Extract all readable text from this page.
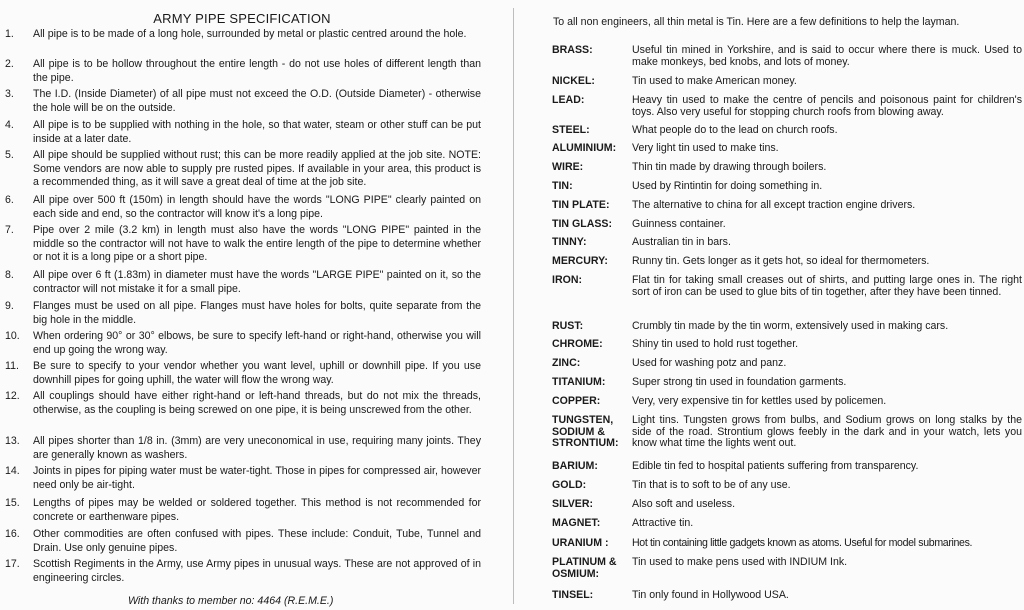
ARMY PIPE SPECIFICATION
1.	All pipe is to be made of a long hole, surrounded by metal or plastic centred around the hole.
2.	All pipe is to be hollow throughout the entire length - do not use holes of different length than the pipe.
3.	The I.D. (Inside Diameter) of all pipe must not exceed the O.D. (Outside Diameter) - otherwise the hole will be on the outside.
4.	All pipe is to be supplied with nothing in the hole, so that water, steam or other stuff can be put inside at a later date.
5.	All pipe should be supplied without rust; this can be more readily applied at the job site. NOTE: Some vendors are now able to supply pre rusted pipes. If available in your area, this product is a recommended thing, as it will save a great deal of time at the job site.
6.	All pipe over 500 ft (150m) in length should have the words "LONG PIPE" clearly painted on each side and end, so the contractor will know it's a long pipe.
7.	Pipe over 2 mile (3.2 km) in length must also have the words "LONG PIPE" painted in the middle so the contractor will not have to walk the entire length of the pipe to determine whether or not it is a long pipe or a short pipe.
8.	All pipe over 6 ft (1.83m) in diameter must have the words "LARGE PIPE" painted on it, so the contractor will not mistake it for a small pipe.
9.	Flanges must be used on all pipe. Flanges must have holes for bolts, quite separate from the big hole in the middle.
10.	When ordering 90° or 30° elbows, be sure to specify left-hand or right-hand, otherwise you will end up going the wrong way.
11.	Be sure to specify to your vendor whether you want level, uphill or downhill pipe. If you use downhill pipes for going uphill, the water will flow the wrong way.
12.	All couplings should have either right-hand or left-hand threads, but do not mix the threads, otherwise, as the coupling is being screwed on one pipe, it is being unscrewed from the other.
13.	All pipes shorter than 1/8 in. (3mm) are very uneconomical in use, requiring many joints. They are generally known as washers.
14.	Joints in pipes for piping water must be water-tight. Those in pipes for compressed air, however need only be air-tight.
15.	Lengths of pipes may be welded or soldered together. This method is not recommended for concrete or earthenware pipes.
16.	Other commodities are often confused with pipes. These include: Conduit, Tube, Tunnel and Drain. Use only genuine pipes.
17.	Scottish Regiments in the Army, use Army pipes in unusual ways. These are not approved of in engineering circles.
With thanks to member no: 4464 (R.E.M.E.)
To all non engineers, all thin metal is Tin. Here are a few definitions to help the layman.
BRASS:	Useful tin mined in Yorkshire, and is said to occur where there is muck. Used to make monkeys, bed knobs, and lots of money.
NICKEL:	Tin used to make American money.
LEAD:	Heavy tin used to make the centre of pencils and poisonous paint for children's toys. Also very useful for stopping church roofs from blowing away.
STEEL:	What people do to the lead on church roofs.
ALUMINIUM:	Very light tin used to make tins.
WIRE:	Thin tin made by drawing through boilers.
TIN:	Used by Rintintin for doing something in.
TIN PLATE:	The alternative to china for all except traction engine drivers.
TIN GLASS:	Guinness container.
TINNY:	Australian tin in bars.
MERCURY:	Runny tin. Gets longer as it gets hot, so ideal for thermometers.
IRON:	Flat tin for taking small creases out of shirts, and putting large ones in. The right sort of iron can be used to glue bits of tin together, after they have been tinned.
RUST:	Crumbly tin made by the tin worm, extensively used in making cars.
CHROME:	Shiny tin used to hold rust together.
ZINC:	Used for washing potz and panz.
TITANIUM:	Super strong tin used in foundation garments.
COPPER:	Very, very expensive tin for kettles used by policemen.
TUNGSTEN, SODIUM & STRONTIUM:
Light tins. Tungsten grows from bulbs, and Sodium grows on long stalks by the side of the road. Strontium glows feebly in the dark and in your watch, lets you know what time the lights went out.
BARIUM:	Edible tin fed to hospital patients suffering from transparency.
GOLD:	Tin that is to soft to be of any use.
SILVER:	Also soft and useless.
MAGNET:	Attractive tin.
URANIUM :	Hot tin containing little gadgets known as atoms. Useful for model submarines.
PLATINUM & OSMIUM:
Tin used to make pens used with INDIUM Ink.
TINSEL:	Tin only found in Hollywood USA.
